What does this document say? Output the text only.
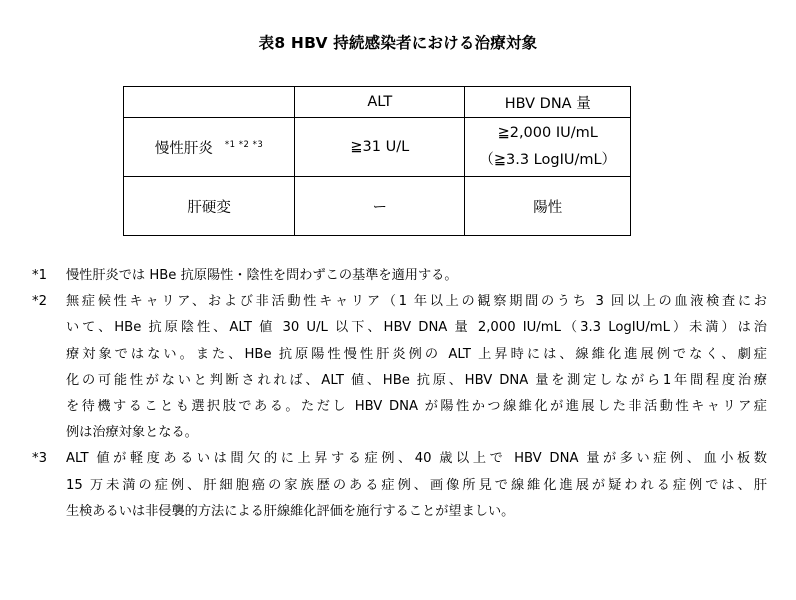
表8 HBV 持続感染者における治療対象
	ALT	HBV DNA 量
慢性肝炎 $^{*1 *2 *3}$	≧31 U/L	≧2,000 IU/mL
（≧3.3 LogIU/mL）

肝硬変	ー	陽性
*1	慢性肝炎では HBe 抗原陽性・陰性を問わずこの基準を適用する。
*2	無症候性キャリア、および非活動性キャリア（1 年以上の観察期間のうち 3 回以上の血液検査にお
いて、HBe 抗原陰性、ALT 値 30 U/L 以下、HBV DNA 量 2,000 IU/mL（3.3 LogIU/mL）未満）は治
療対象ではない。また、HBe 抗原陽性慢性肝炎例の ALT 上昇時には、線維化進展例でなく、劇症
化の可能性がないと判断されれば、ALT 値、HBe 抗原、HBV DNA 量を測定しながら1年間程度治療
を待機することも選択肢である。ただし HBV DNA が陽性かつ線維化が進展した非活動性キャリア症
例は治療対象となる。
*3	ALT 値が軽度あるいは間欠的に上昇する症例、40 歳以上で HBV DNA 量が多い症例、血小板数
15 万未満の症例、肝細胞癌の家族歴のある症例、画像所見で線維化進展が疑われる症例では、肝
生検あるいは非侵襲的方法による肝線維化評価を施行することが望ましい。
